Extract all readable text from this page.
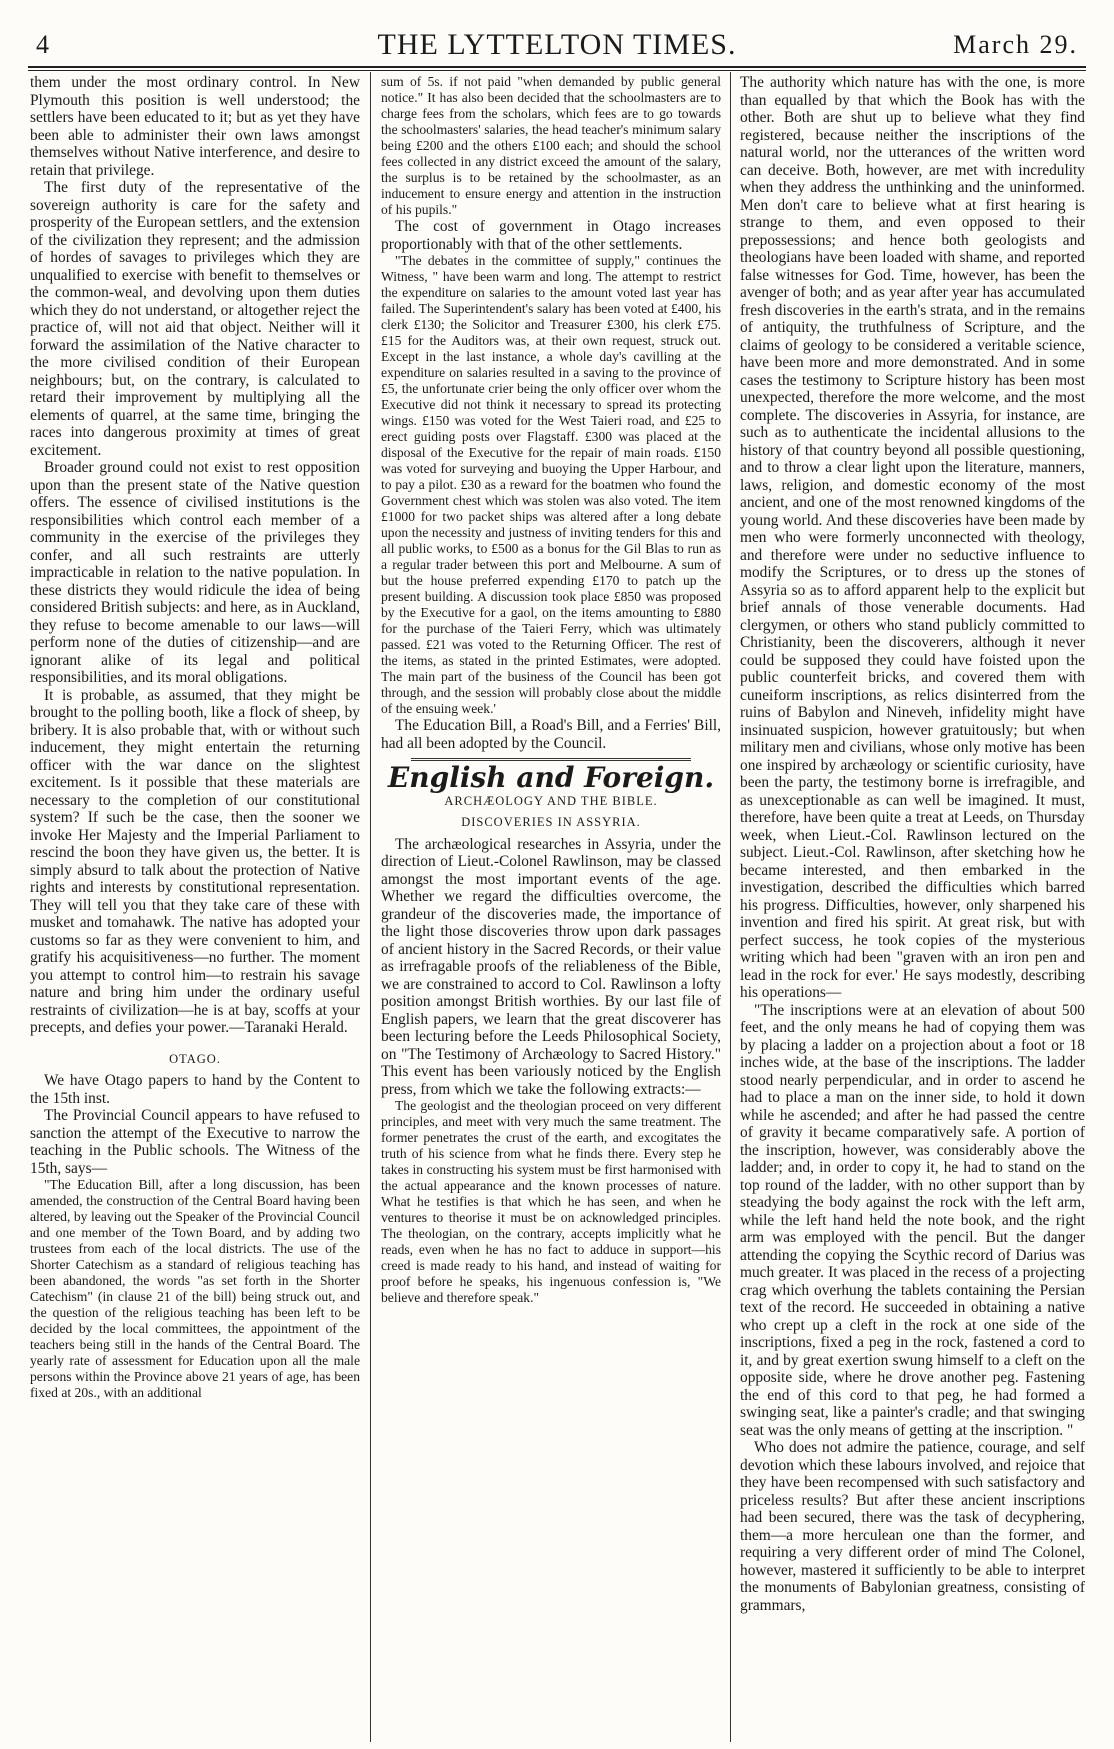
4	THE LYTTELTON TIMES.	March 29.

them under the most ordinary control. In New Plymouth this position is well understood; the settlers have been educated to it; but as yet they have been able to administer their own laws amongst themselves without Native interference, and desire to retain that privilege.

The first duty of the representative of the sovereign authority is care for the safety and prosperity of the European settlers, and the extension of the civilization they represent; and the admission of hordes of savages to privileges which they are unqualified to exercise with benefit to themselves or the common-weal, and devolving upon them duties which they do not understand, or altogether reject the practice of, will not aid that object. Neither will it forward the assimilation of the Native character to the more civilised condition of their European neighbours; but, on the contrary, is calculated to retard their improvement by multiplying all the elements of quarrel, at the same time, bringing the races into dangerous proximity at times of great excitement.

Broader ground could not exist to rest opposition upon than the present state of the Native question offers. The essence of civilised institutions is the responsibilities which control each member of a community in the exercise of the privileges they confer, and all such restraints are utterly impracticable in relation to the native population. In these districts they would ridicule the idea of being considered British subjects: and here, as in Auckland, they refuse to become amenable to our laws—will perform none of the duties of citizenship—and are ignorant alike of its legal and political responsibilities, and its moral obligations.

It is probable, as assumed, that they might be brought to the polling booth, like a flock of sheep, by bribery. It is also probable that, with or without such inducement, they might entertain the returning officer with the war dance on the slightest excitement. Is it possible that these materials are necessary to the completion of our constitutional system? If such be the case, then the sooner we invoke Her Majesty and the Imperial Parliament to rescind the boon they have given us, the better. It is simply absurd to talk about the protection of Native rights and interests by constitutional representation. They will tell you that they take care of these with musket and tomahawk. The native has adopted your customs so far as they were convenient to him, and gratify his acquisitiveness—no further. The moment you attempt to control him—to restrain his savage nature and bring him under the ordinary useful restraints of civilization—he is at bay, scoffs at your precepts, and defies your power.—Taranaki Herald.

OTAGO.

We have Otago papers to hand by the Content to the 15th inst.

The Provincial Council appears to have refused to sanction the attempt of the Executive to narrow the teaching in the Public schools. The Witness of the 15th, says—

"The Education Bill, after a long discussion, has been amended, the construction of the Central Board having been altered, by leaving out the Speaker of the Provincial Council and one member of the Town Board, and by adding two trustees from each of the local districts. The use of the Shorter Catechism as a standard of religious teaching has been abandoned, the words "as set forth in the Shorter Catechism" (in clause 21 of the bill) being struck out, and the question of the religious teaching has been left to be decided by the local committees, the appointment of the teachers being still in the hands of the Central Board. The yearly rate of assessment for Education upon all the male persons within the Province above 21 years of age, has been fixed at 20s., with an additional

sum of 5s. if not paid "when demanded by public general notice." It has also been decided that the schoolmasters are to charge fees from the scholars, which fees are to go towards the schoolmasters' salaries, the head teacher's minimum salary being £200 and the others £100 each; and should the school fees collected in any district exceed the amount of the salary, the surplus is to be retained by the schoolmaster, as an inducement to ensure energy and attention in the instruction of his pupils."

The cost of government in Otago increases proportionably with that of the other settlements.

"The debates in the committee of supply," continues the Witness, " have been warm and long. The attempt to restrict the expenditure on salaries to the amount voted last year has failed. The Superintendent's salary has been voted at £400, his clerk £130; the Solicitor and Treasurer £300, his clerk £75. £15 for the Auditors was, at their own request, struck out. Except in the last instance, a whole day's cavilling at the expenditure on salaries resulted in a saving to the province of £5, the unfortunate crier being the only officer over whom the Executive did not think it necessary to spread its protecting wings. £150 was voted for the West Taieri road, and £25 to erect guiding posts over Flagstaff. £300 was placed at the disposal of the Executive for the repair of main roads. £150 was voted for surveying and buoying the Upper Harbour, and to pay a pilot. £30 as a reward for the boatmen who found the Government chest which was stolen was also voted. The item £1000 for two packet ships was altered after a long debate upon the necessity and justness of inviting tenders for this and all public works, to £500 as a bonus for the Gil Blas to run as a regular trader between this port and Melbourne. A sum of but the house preferred expending £170 to patch up the present building. A discussion took place £850 was proposed by the Executive for a gaol, on the items amounting to £880 for the purchase of the Taieri Ferry, which was ultimately passed. £21 was voted to the Returning Officer. The rest of the items, as stated in the printed Estimates, were adopted. The main part of the business of the Council has been got through, and the session will probably close about the middle of the ensuing week.'

The Education Bill, a Road's Bill, and a Ferries' Bill, had all been adopted by the Council.

English and Foreign.
ARCHÆOLOGY AND THE BIBLE.
DISCOVERIES IN ASSYRIA.

The archæological researches in Assyria, under the direction of Lieut.-Colonel Rawlinson, may be classed amongst the most important events of the age. Whether we regard the difficulties overcome, the grandeur of the discoveries made, the importance of the light those discoveries throw upon dark passages of ancient history in the Sacred Records, or their value as irrefragable proofs of the reliableness of the Bible, we are constrained to accord to Col. Rawlinson a lofty position amongst British worthies. By our last file of English papers, we learn that the great discoverer has been lecturing before the Leeds Philosophical Society, on "The Testimony of Archæology to Sacred History." This event has been variously noticed by the English press, from which we take the following extracts:—

The geologist and the theologian proceed on very different principles, and meet with very much the same treatment. The former penetrates the crust of the earth, and excogitates the truth of his science from what he finds there. Every step he takes in constructing his system must be first harmonised with the actual appearance and the known processes of nature. What he testifies is that which he has seen, and when he ventures to theorise it must be on acknowledged principles. The theologian, on the contrary, accepts implicitly what he reads, even when he has no fact to adduce in support—his creed is made ready to his hand, and instead of waiting for proof before he speaks, his ingenuous confession is, "We believe and therefore speak."

The authority which nature has with the one, is more than equalled by that which the Book has with the other. Both are shut up to believe what they find registered, because neither the inscriptions of the natural world, nor the utterances of the written word can deceive. Both, however, are met with incredulity when they address the unthinking and the uninformed. Men don't care to believe what at first hearing is strange to them, and even opposed to their prepossessions; and hence both geologists and theologians have been loaded with shame, and reported false witnesses for God. Time, however, has been the avenger of both; and as year after year has accumulated fresh discoveries in the earth's strata, and in the remains of antiquity, the truthfulness of Scripture, and the claims of geology to be considered a veritable science, have been more and more demonstrated. And in some cases the testimony to Scripture history has been most unexpected, therefore the more welcome, and the most complete. The discoveries in Assyria, for instance, are such as to authenticate the incidental allusions to the history of that country beyond all possible questioning, and to throw a clear light upon the literature, manners, laws, religion, and domestic economy of the most ancient, and one of the most renowned kingdoms of the young world. And these discoveries have been made by men who were formerly unconnected with theology, and therefore were under no seductive influence to modify the Scriptures, or to dress up the stones of Assyria so as to afford apparent help to the explicit but brief annals of those venerable documents. Had clergymen, or others who stand publicly committed to Christianity, been the discoverers, although it never could be supposed they could have foisted upon the public counterfeit bricks, and covered them with cuneiform inscriptions, as relics disinterred from the ruins of Babylon and Nineveh, infidelity might have insinuated suspicion, however gratuitously; but when military men and civilians, whose only motive has been one inspired by archæology or scientific curiosity, have been the party, the testimony borne is irrefragible, and as unexceptionable as can well be imagined. It must, therefore, have been quite a treat at Leeds, on Thursday week, when Lieut.-Col. Rawlinson lectured on the subject. Lieut.-Col. Rawlinson, after sketching how he became interested, and then embarked in the investigation, described the difficulties which barred his progress. Difficulties, however, only sharpened his invention and fired his spirit. At great risk, but with perfect success, he took copies of the mysterious writing which had been "graven with an iron pen and lead in the rock for ever.' He says modestly, describing his operations—

"The inscriptions were at an elevation of about 500 feet, and the only means he had of copying them was by placing a ladder on a projection about a foot or 18 inches wide, at the base of the inscriptions. The ladder stood nearly perpendicular, and in order to ascend he had to place a man on the inner side, to hold it down while he ascended; and after he had passed the centre of gravity it became comparatively safe. A portion of the inscription, however, was considerably above the ladder; and, in order to copy it, he had to stand on the top round of the ladder, with no other support than by steadying the body against the rock with the left arm, while the left hand held the note book, and the right arm was employed with the pencil. But the danger attending the copying the Scythic record of Darius was much greater. It was placed in the recess of a projecting crag which overhung the tablets containing the Persian text of the record. He succeeded in obtaining a native who crept up a cleft in the rock at one side of the inscriptions, fixed a peg in the rock, fastened a cord to it, and by great exertion swung himself to a cleft on the opposite side, where he drove another peg. Fastening the end of this cord to that peg, he had formed a swinging seat, like a painter's cradle; and that swinging seat was the only means of getting at the inscription. "

Who does not admire the patience, courage, and self devotion which these labours involved, and rejoice that they have been recompensed with such satisfactory and priceless results? But after these ancient inscriptions had been secured, there was the task of decyphering, them—a more herculean one than the former, and requiring a very different order of mind The Colonel, however, mastered it sufficiently to be able to interpret the monuments of Babylonian greatness, consisting of grammars,
